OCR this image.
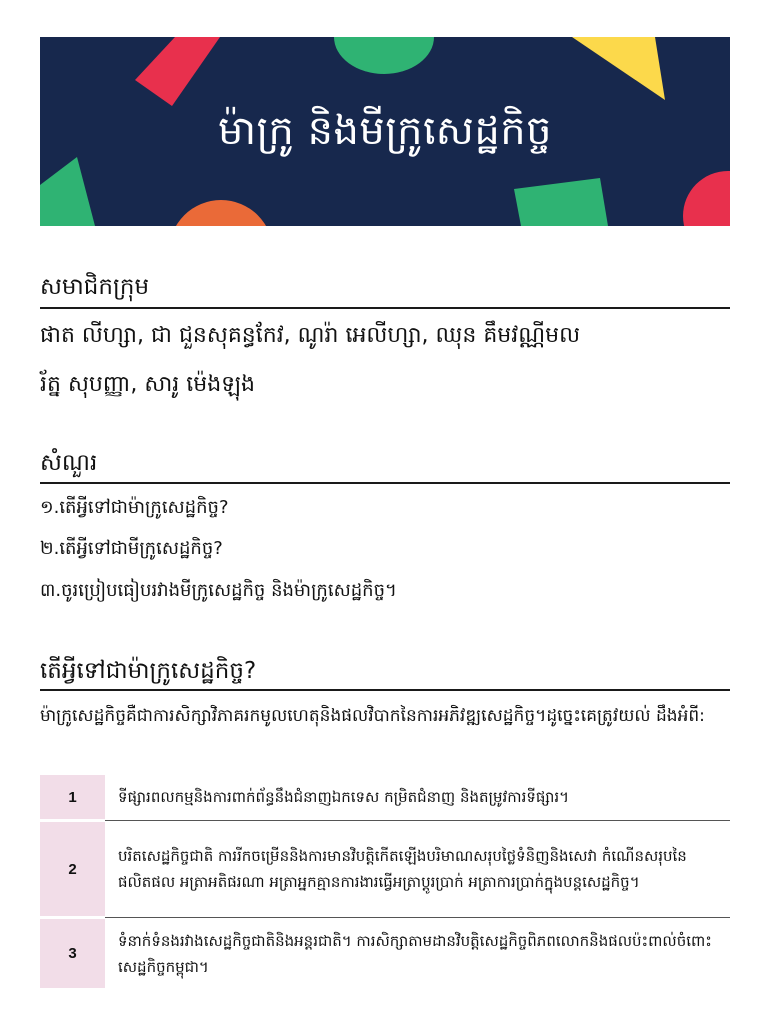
ម៉ាក្រូ និងមីក្រូសេដ្ឋកិច្ច
សមាជិកក្រុម
ផាត លីហ្សា, ជា ជួនសុគន្ធកែវ, ណូរ៉ា អេលីហ្សា, ឈុន គឹមវណ្ណីមល
រ័ត្ន សុបញ្ញា, សារូ ម៉េងឡុង
សំណួរ
១.តើអ្វីទៅជាម៉ាក្រូសេដ្ឋកិច្ច?
២.តើអ្វីទៅជាមីក្រូសេដ្ឋកិច្ច?
៣.ចូរប្រៀបធៀបរវាងមីក្រូសេដ្ឋកិច្ច និងម៉ាក្រូសេដ្ឋកិច្ច។
តើអ្វីទៅជាម៉ាក្រូសេដ្ឋកិច្ច?
ម៉ាក្រូសេដ្ឋកិច្ចគឺជាការសិក្សាវិភាគរកមូលហេតុនិងផលវិបាកនៃការអភិវឌ្ឍសេដ្ឋកិច្ច។ដូច្នេះគេត្រូវយល់ ដឹងអំពី:
1	ទីផ្សារពលកម្មនិងការពាក់ព័ន្ធនឹងជំនាញឯកទេស កម្រិតជំនាញ និងតម្រូវការទីផ្សារ។
2
បរិតសេដ្ឋកិច្ចជាតិ ការរីកចម្រើននិងការមានវិបត្តិកើតឡើងបរិមាណសរុបថ្លៃទំនិញនិងសេវា កំណើនសរុបនៃផលិតផល អត្រាអតិផរណា អត្រាអ្នកគ្មានការងារធ្វើអត្រាប្តូរប្រាក់ អត្រាការប្រាក់ក្នុងបន្តសេដ្ឋកិច្ច។
3
ទំនាក់ទំនងរវាងសេដ្ឋកិច្ចជាតិនិងអន្តរជាតិ។ ការសិក្សាតាមដានវិបត្តិសេដ្ឋកិច្ចពិភពលោកនិងផលប៉ះពាល់ចំពោះសេដ្ឋកិច្ចកម្ពុជា។
